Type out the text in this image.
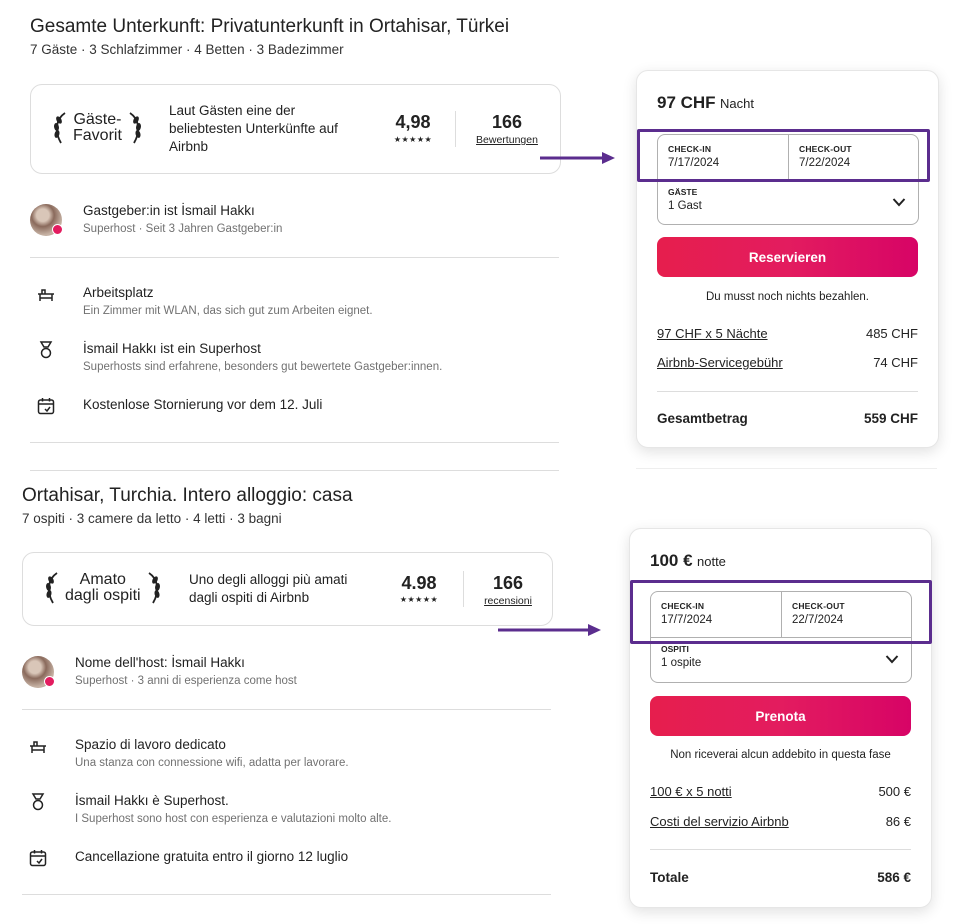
Gesamte Unterkunft: Privatunterkunft in Ortahisar, Türkei
7 Gäste · 3 Schlafzimmer · 4 Betten · 3 Badezimmer
Gäste-
Favorit
Laut Gästen eine der beliebtesten Unterkünfte auf Airbnb
4,98
★★★★★
166
Bewertungen
Gastgeber:in ist İsmail Hakkı
Superhost · Seit 3 Jahren Gastgeber:in
Arbeitsplatz
Ein Zimmer mit WLAN, das sich gut zum Arbeiten eignet.
İsmail Hakkı ist ein Superhost
Superhosts sind erfahrene, besonders gut bewertete Gastgeber:innen.
Kostenlose Stornierung vor dem 12. Juli
97 CHF Nacht
CHECK-IN
7/17/2024
CHECK-OUT
7/22/2024
GÄSTE
1 Gast
Reservieren
Du musst noch nichts bezahlen.
97 CHF x 5 Nächte	485 CHF
Airbnb-Servicegebühr	74 CHF
Gesamtbetrag	559 CHF
Ortahisar, Turchia. Intero alloggio: casa
7 ospiti · 3 camere da letto · 4 letti · 3 bagni
Amato
dagli ospiti
Uno degli alloggi più amati dagli ospiti di Airbnb
4.98
★★★★★
166
recensioni
Nome dell'host: İsmail Hakkı
Superhost · 3 anni di esperienza come host
Spazio di lavoro dedicato
Una stanza con connessione wifi, adatta per lavorare.
İsmail Hakkı è Superhost.
I Superhost sono host con esperienza e valutazioni molto alte.
Cancellazione gratuita entro il giorno 12 luglio
100 € notte
CHECK-IN
17/7/2024
CHECK-OUT
22/7/2024
OSPITI
1 ospite
Prenota
Non riceverai alcun addebito in questa fase
100 € x 5 notti	500 €
Costi del servizio Airbnb	86 €
Totale	586 €
